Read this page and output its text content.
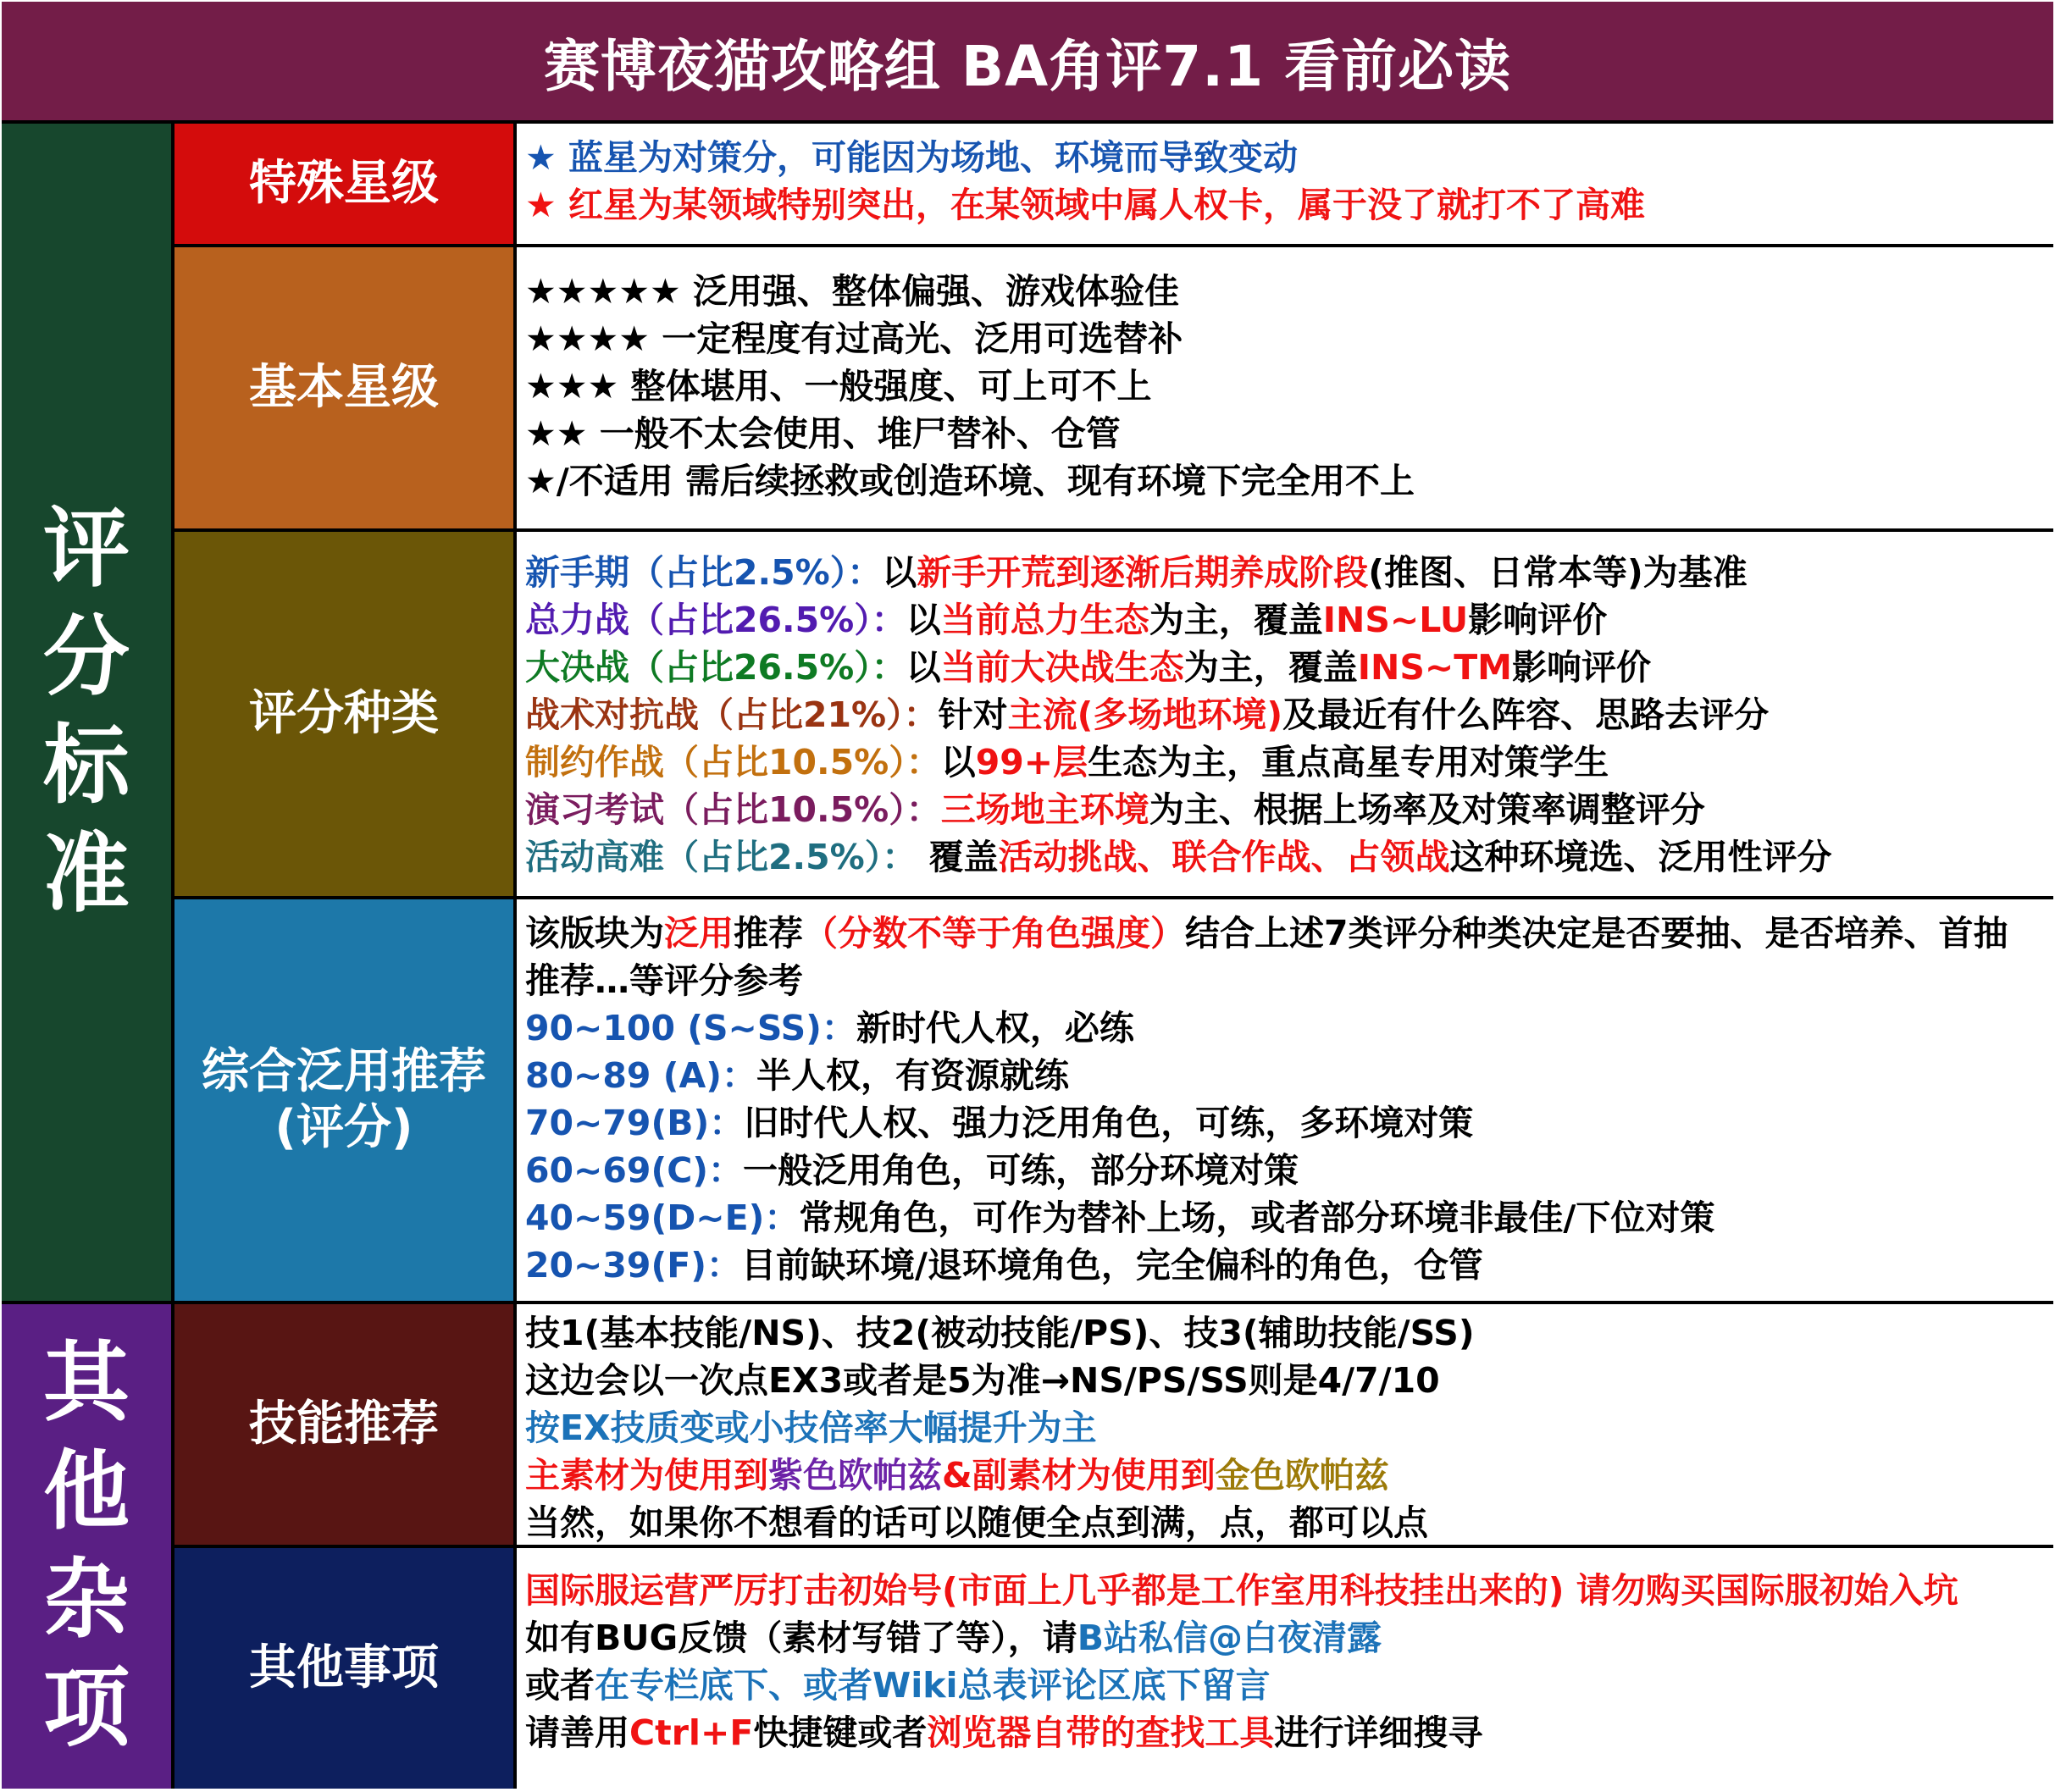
赛博夜猫攻略组 BA角评7.1 看前必读
评
分
标
准
其
他
杂
项
特殊星级 ★ 蓝星为对策分，可能因为场地、环境而导致变动
★ 红星为某领域特别突出，在某领域中属人权卡，属于没了就打不了高难
基本星级
★★★★★ 泛用强、整体偏强、游戏体验佳
★★★★ 一定程度有过高光、泛用可选替补
★★★ 整体堪用、一般强度、可上可不上
★★ 一般不太会使用、堆尸替补、仓管
★/不适用 需后续拯救或创造环境、现有环境下完全用不上
评分种类
新手期（占比2.5%）：以新手开荒到逐渐后期养成阶段(推图、日常本等)为基准
总力战（占比26.5%）：以当前总力生态为主，覆盖INS~LU影响评价
大决战（占比26.5%）：以当前大决战生态为主，覆盖INS~TM影响评价
战术对抗战（占比21%）：针对主流(多场地环境)及最近有什么阵容、思路去评分
制约作战（占比10.5%）：以99+层生态为主，重点高星专用对策学生
演习考试（占比10.5%）：三场地主环境为主、根据上场率及对策率调整评分
活动高难（占比2.5%）： 覆盖活动挑战、联合作战、占领战这种环境选、泛用性评分
综合泛用推荐
(评分)
该版块为泛用推荐（分数不等于角色强度）结合上述7类评分种类决定是否要抽、是否培养、首抽推荐…等评分参考
90~100 (S~SS)：新时代人权，必练
80~89 (A)：半人权，有资源就练
70~79(B)：旧时代人权、强力泛用角色，可练，多环境对策
60~69(C)：一般泛用角色，可练，部分环境对策
40~59(D~E)：常规角色，可作为替补上场，或者部分环境非最佳/下位对策
20~39(F)：目前缺环境/退环境角色，完全偏科的角色，仓管
技能推荐
技1(基本技能/NS)、技2(被动技能/PS)、技3(辅助技能/SS)
这边会以一次点EX3或者是5为准→NS/PS/SS则是4/7/10
按EX技质变或小技倍率大幅提升为主
主素材为使用到紫色欧帕兹&副素材为使用到金色欧帕兹
当然，如果你不想看的话可以随便全点到满，点，都可以点
其他事项
国际服运营严厉打击初始号(市面上几乎都是工作室用科技挂出来的) 请勿购买国际服初始入坑
如有BUG反馈（素材写错了等），请B站私信@白夜清露
或者在专栏底下、或者Wiki总表评论区底下留言
请善用Ctrl+F快捷键或者浏览器自带的查找工具进行详细搜寻
